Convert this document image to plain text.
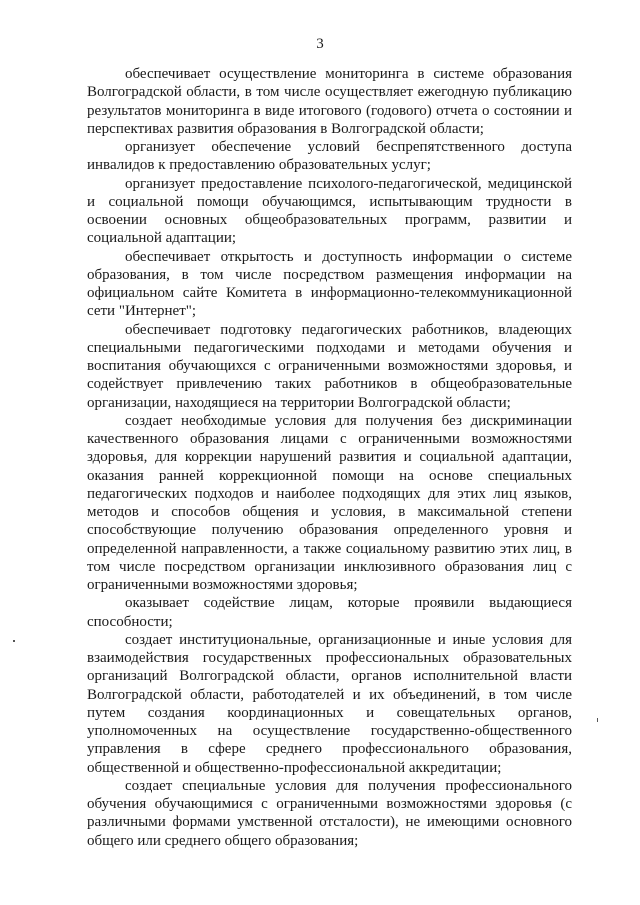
3

обеспечивает осуществление мониторинга в системе образования Волгоградской области, в том числе осуществляет ежегодную публикацию результатов мониторинга в виде итогового (годового) отчета о состоянии и перспективах развития образования в Волгоградской области;

организует обеспечение условий беспрепятственного доступа инвалидов к предоставлению образовательных услуг;

организует предоставление психолого-педагогической, медицинской и социальной помощи обучающимся, испытывающим трудности в освоении основных общеобразовательных программ, развитии и социальной адаптации;

обеспечивает открытость и доступность информации о системе образования, в том числе посредством размещения информации на официальном сайте Комитета в информационно-телекоммуникационной сети "Интернет";

обеспечивает подготовку педагогических работников, владеющих специальными педагогическими подходами и методами обучения и воспитания обучающихся с ограниченными возможностями здоровья, и содействует привлечению таких работников в общеобразовательные организации, находящиеся на территории Волгоградской области;

создает необходимые условия для получения без дискриминации качественного образования лицами с ограниченными возможностями здоровья, для коррекции нарушений развития и социальной адаптации, оказания ранней коррекционной помощи на основе специальных педагогических подходов и наиболее подходящих для этих лиц языков, методов и способов общения и условия, в максимальной степени способствующие получению образования определенного уровня и определенной направленности, а также социальному развитию этих лиц, в том числе посредством организации инклюзивного образования лиц с ограниченными возможностями здоровья;

оказывает содействие лицам, которые проявили выдающиеся способности;

создает институциональные, организационные и иные условия для взаимодействия государственных профессиональных образовательных организаций Волгоградской области, органов исполнительной власти Волгоградской области, работодателей и их объединений, в том числе путем создания координационных и совещательных органов, уполномоченных на осуществление государственно-общественного управления в сфере среднего профессионального образования, общественной и общественно-профессиональной аккредитации;

создает специальные условия для получения профессионального обучения обучающимися с ограниченными возможностями здоровья (с различными формами умственной отсталости), не имеющими основного общего или среднего общего образования;
